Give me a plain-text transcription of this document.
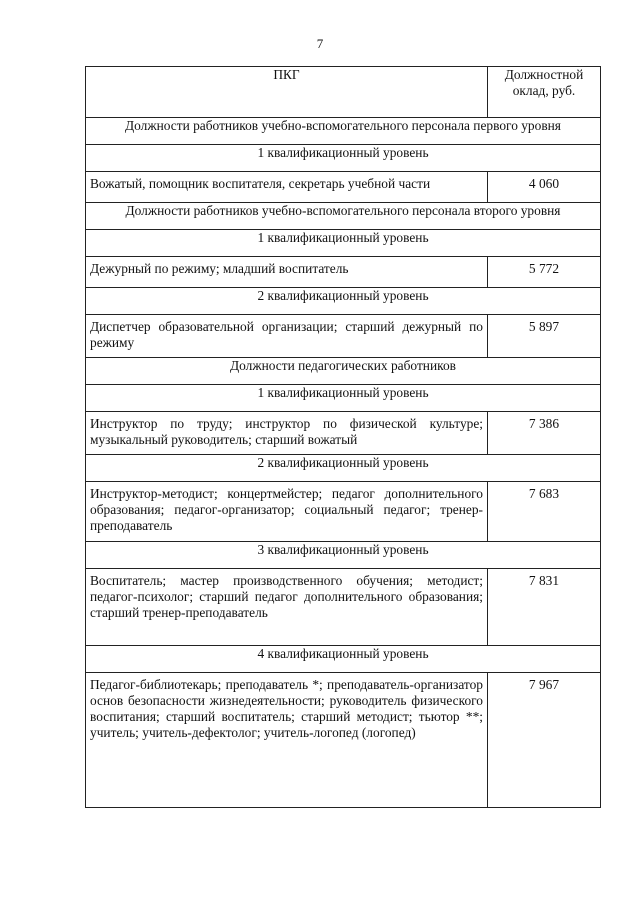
7
ПКГ	Должностной оклад, руб.
Должности работников учебно-вспомогательного персонала первого уровня	
1 квалификационный уровень	
Вожатый, помощник воспитателя, секретарь учебной части	4 060
Должности работников учебно-вспомогательного персонала второго уровня	
1 квалификационный уровень	
Дежурный по режиму; младший воспитатель	5 772
2 квалификационный уровень	
Диспетчер образовательной организации; старший дежурный по режиму	5 897
Должности педагогических работников	
1 квалификационный уровень	
Инструктор по труду; инструктор по физической культуре; музыкальный руководитель; старший вожатый	7 386
2 квалификационный уровень	
Инструктор-методист; концертмейстер; педагог дополнительного образования; педагог-организатор; социальный педагог; тренер-преподаватель	7 683
3 квалификационный уровень	
Воспитатель; мастер производственного обучения; методист; педагог-психолог; старший педагог дополнительного образования; старший тренер-преподаватель	7 831
4 квалификационный уровень	
Педагог-библиотекарь; преподаватель *; преподаватель-организатор основ безопасности жизнедеятельности; руководитель физического воспитания; старший воспитатель; старший методист; тьютор **; учитель; учитель-дефектолог; учитель-логопед (логопед)	7 967
